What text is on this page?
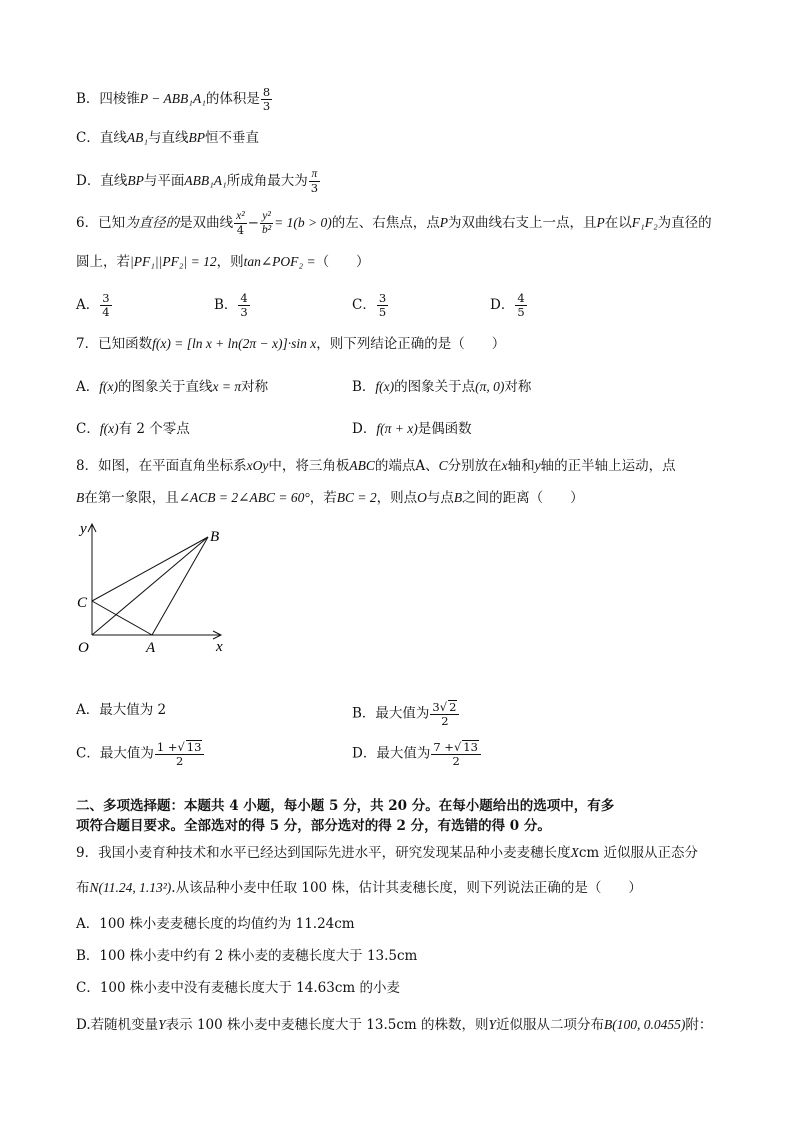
B．四棱锥P − ABB₁A₁的体积是 $\frac{8}{3}$
C．直线AB₁与直线BP恒不垂直
D．直线BP与平面ABB₁A₁所成角最大为 $\frac{\pi}{3}$
6．已知为直径的是双曲线 $\frac{\text{x²}}{4} - \frac{\text{y²}}{\text{b²}} = 1(b > 0)$的左、右焦点，点P为双曲线右支上一点，且P在以F₁F₂为直径的
圆上，若|PF₁||PF₂| = 12，则tan∠POF₂ =（　　）
A． $\frac{3}{4}$	B． $\frac{4}{3}$	C． $\frac{3}{5}$	D． $\frac{4}{5}$
7．已知函数f(x) = [ln x + ln(2π − x)]·sin x，则下列结论正确的是（　　）
A．f(x)的图象关于直线x = π对称	B．f(x)的图象关于点(π, 0)对称
C．f(x)有 2 个零点	D．f(π + x)是偶函数
8．如图，在平面直角坐标系xOy中，将三角板ABC的端点A、C分别放在x轴和y轴的正半轴上运动，点
B在第一象限，且∠ACB = 2∠ABC = 60°，若BC = 2，则点O与点B之间的距离（　　）
y
x
O	A
B
C
A．最大值为 2	B．最大值为 $\frac{3√ 2}{2}$
C．最大值为 $\frac{1 +√ 13}{2}$	D．最大值为 $\frac{7 +√ 13}{2}$
二、多项选择题：本题共 4 小题，每小题 5 分，共 20 分。在每小题给出的选项中，有多
项符合题目要求。全部选对的得 5 分，部分选对的得 2 分，有选错的得 0 分。
9．我国小麦育种技术和水平已经达到国际先进水平，研究发现某品种小麦麦穗长度Xcm 近似服从正态分
布N(11.24, 1.13²).从该品种小麦中任取 100 株，估计其麦穗长度，则下列说法正确的是（　　）
A．100 株小麦麦穗长度的均值约为 11.24cm
B．100 株小麦中约有 2 株小麦的麦穗长度大于 13.5cm
C．100 株小麦中没有麦穗长度大于 14.63cm 的小麦
D.若随机变量Y表示 100 株小麦中麦穗长度大于 13.5cm 的株数，则Y近似服从二项分布B(100, 0.0455)附：
